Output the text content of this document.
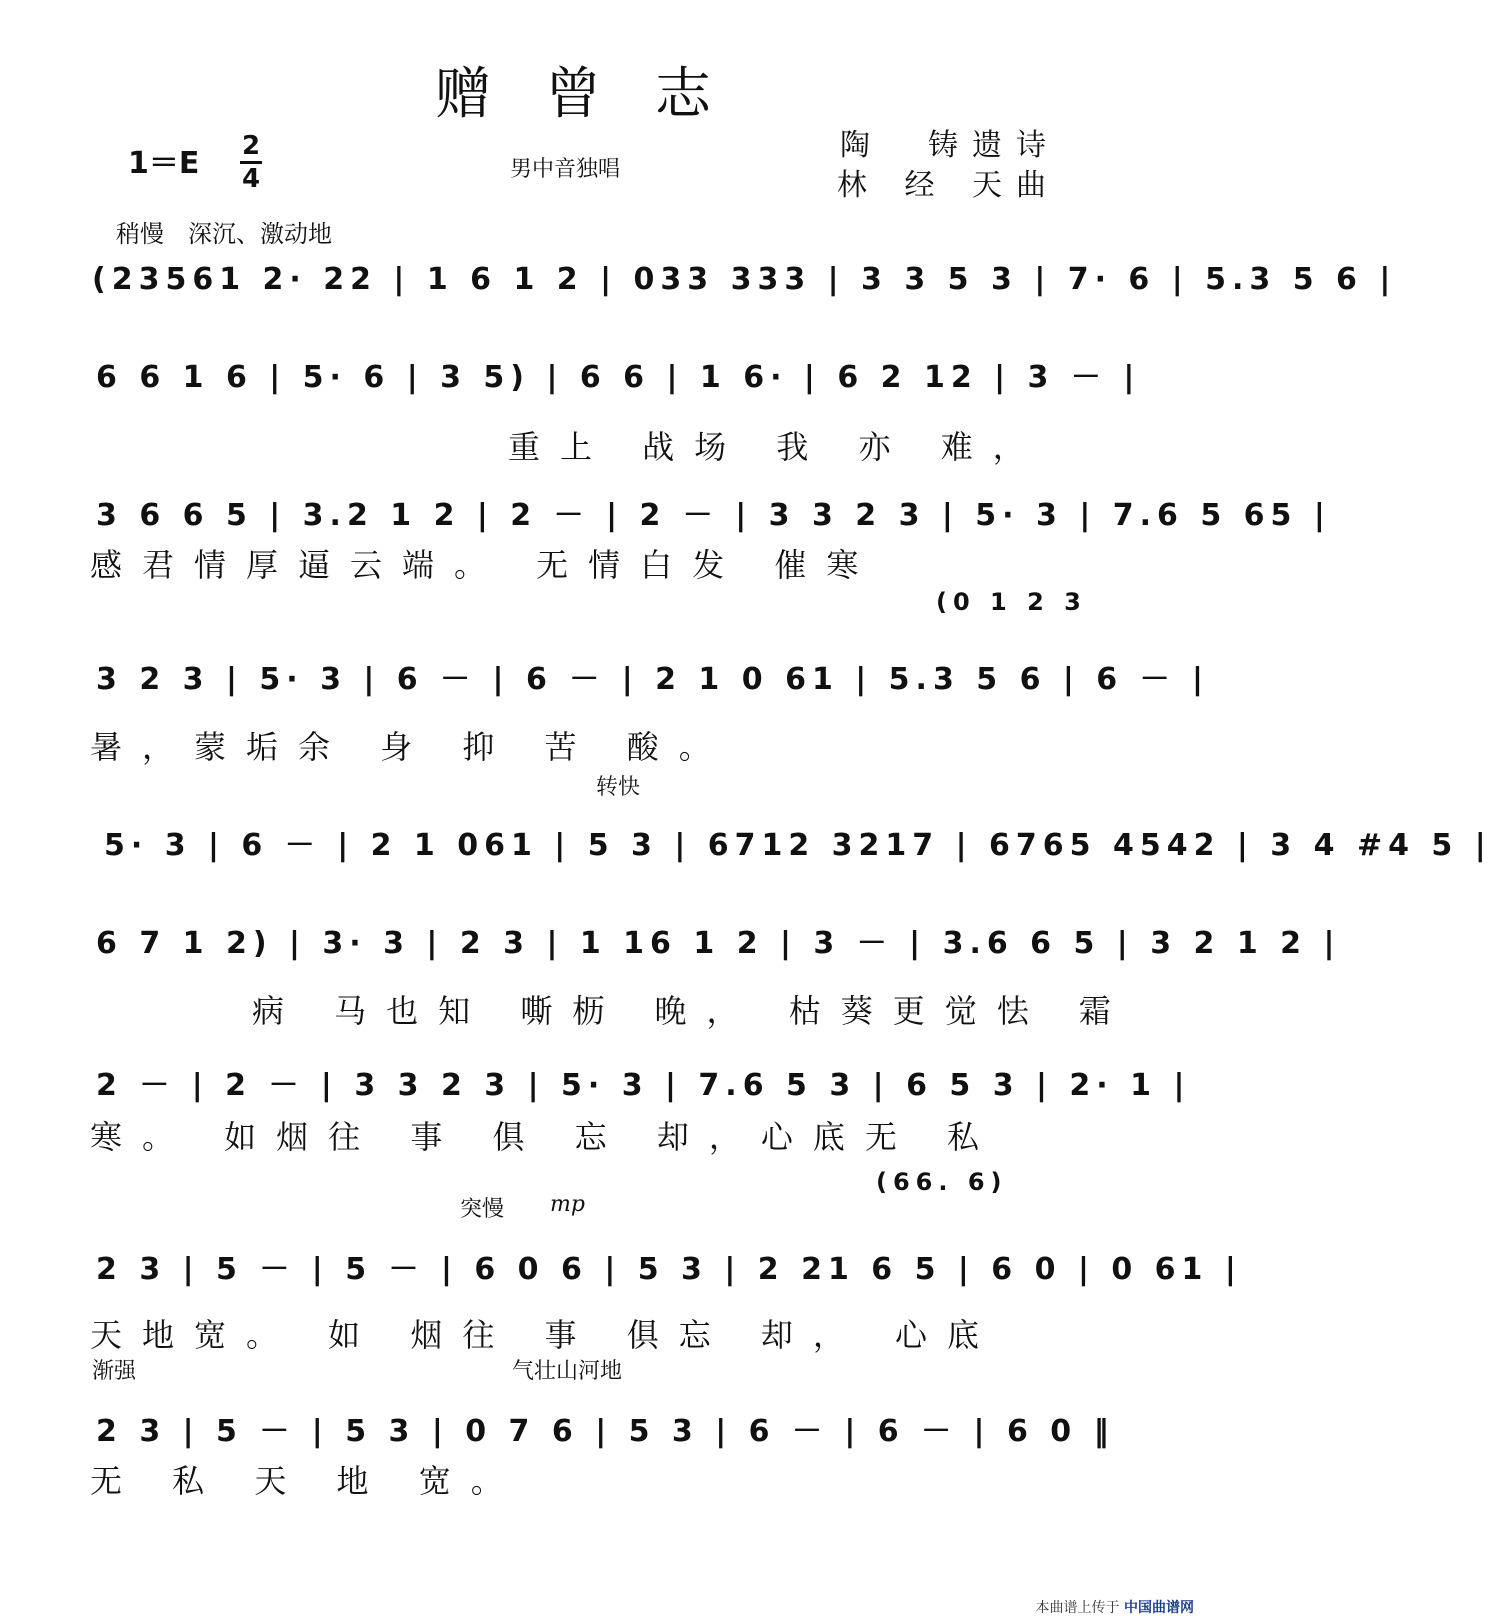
赠曾志
1＝E 2
4	男中音独唱
陶　铸遗诗
林 经 天曲
稍慢　深沉、激动地
(23561 2· 22 | 1 6 1 2 | 033 333 | 3 3 5 3 | 7· 6 | 5.3 5 6 |
6 6 1 6 | 5· 6 | 3 5) | 6 6 | 1 6· | 6 2 12 | 3 － |
重上 战场 我 亦 难，
3 6 6 5 | 3.2 1 2 | 2 － | 2 － | 3 3 2 3 | 5· 3 | 7.6 5 65 |
感君情厚逼云端。 无情白发 催寒
(0 1 2 3
3 2 3 | 5· 3 | 6 － | 6 － | 2 1 0 61 | 5.3 5 6 | 6 － |
暑，蒙垢余 身 抑 苦 酸。
转快
5· 3 | 6 － | 2 1 061 | 5 3 | 6712 3217 | 6765 4542 | 3 4 #4 5 |
6 7 1 2) | 3· 3 | 2 3 | 1 16 1 2 | 3 － | 3.6 6 5 | 3 2 1 2 |
病 马也知 嘶枥 晚， 枯葵更觉怯 霜
2 － | 2 － | 3 3 2 3 | 5· 3 | 7.6 5 3 | 6 5 3 | 2· 1 |
寒。 如烟往 事 俱 忘 却，心底无 私
突慢 mp
(66. 6)
2 3 | 5 － | 5 － | 6 0 6 | 5 3 | 2 21 6 5 | 6 0 | 0 61 |
天地宽。 如 烟往 事 俱忘 却， 心底
渐强	气壮山河地
2 3 | 5 － | 5 3 | 0 7 6 | 5 3 | 6 － | 6 － | 6 0 ‖
无 私 天 地 宽。
本曲谱上传于 中国曲谱网
